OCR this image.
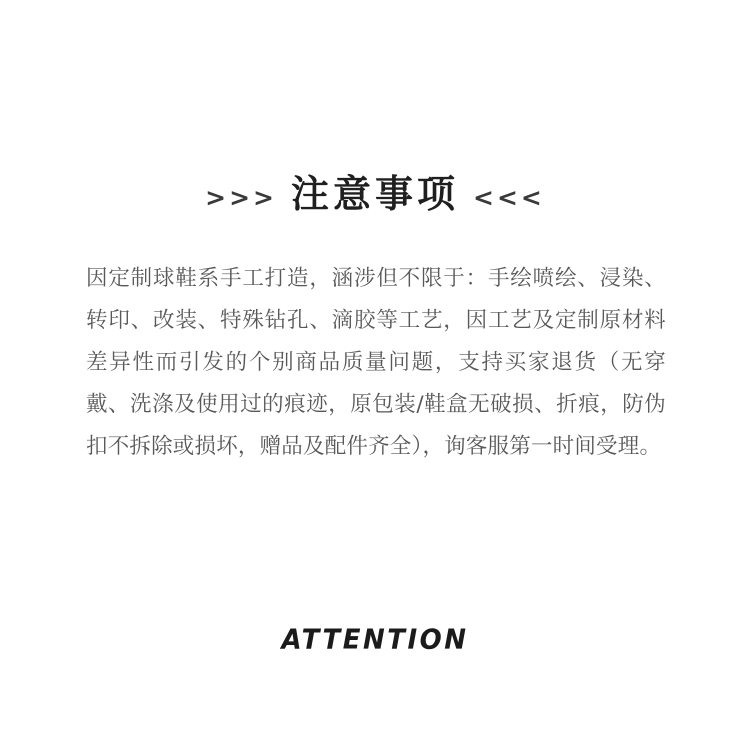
>>> 注意事项 <<<

因定制球鞋系手工打造，涵涉但不限于：手绘喷绘、浸染、转印、改装、特殊钻孔、滴胶等工艺，因工艺及定制原材料差异性而引发的个别商品质量问题，支持买家退货（无穿戴、洗涤及使用过的痕迹，原包装/鞋盒无破损、折痕，防伪扣不拆除或损坏，赠品及配件齐全），询客服第一时间受理。

ATTENTION
